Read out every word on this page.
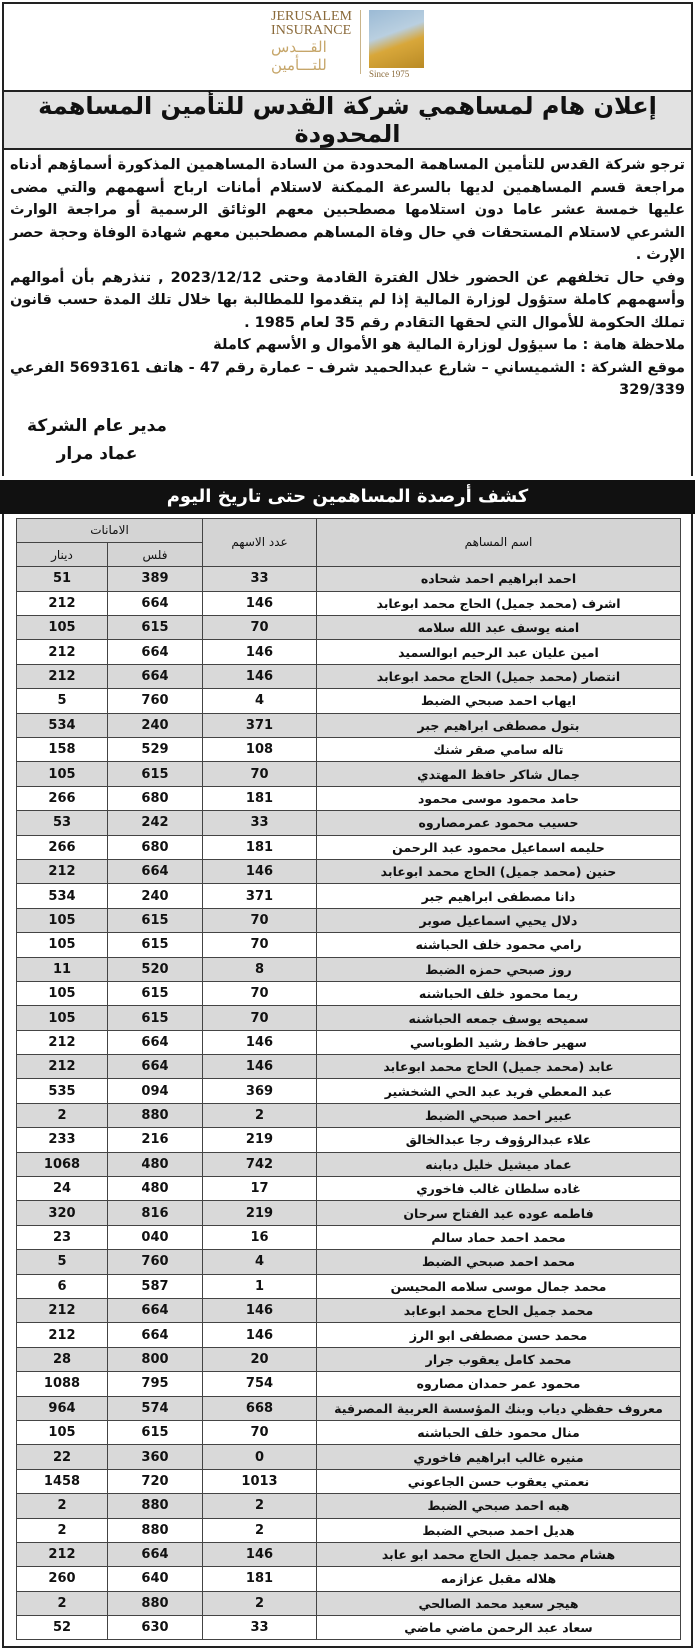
JERUSALEM
INSURANCE
القـــدس
للتـــأمين	Since 1975
إعلان هام لمساهمي شركة القدس للتأمين المساهمة المحدودة

ترجو شركة القدس للتأمين المساهمة المحدودة من السادة المساهمين المذكورة أسماؤهم أدناه مراجعة قسم المساهمين لديها بالسرعة الممكنة لاستلام أمانات ارباح أسهمهم والتي مضى عليها خمسة عشر عاما دون استلامها مصطحبين معهم الوثائق الرسمية أو مراجعة الوارث الشرعي لاستلام المستحقات في حال وفاة المساهم مصطحبين معهم شهادة الوفاة وحجة حصر الإرث .

وفي حال تخلفهم عن الحضور خلال الفترة القادمة وحتى 2023/12/12 , تنذرهم بأن أموالهم وأسهمهم كاملة ستؤول لوزارة المالية إذا لم يتقدموا للمطالبة بها خلال تلك المدة حسب قانون تملك الحكومة للأموال التي لحقها التقادم رقم 35 لعام 1985 .

ملاحظة هامة : ما سيؤول لوزارة المالية هو الأموال و الأسهم كاملة

موقع الشركة : الشميساني – شارع عبدالحميد شرف – عمارة رقم 47 - هاتف 5693161 الفرعي 329/339

مدير عام الشركة
عماد مرار
كشف أرصدة المساهمين حتى تاريخ اليوم
الامانات		عدد الاسهم	اسم المساهم
دينار	فلس		
51	389	33	احمد ابراهيم احمد شحاده
212	664	146	اشرف (محمد جميل) الحاج محمد ابوعابد
105	615	70	امنه يوسف عبد الله سلامه
212	664	146	امين عليان عبد الرحيم ابوالسميد
212	664	146	انتصار (محمد جميل) الحاج محمد ابوعابد
5	760	4	ايهاب احمد صبحي الضبط
534	240	371	بتول مصطفى ابراهيم جبر
158	529	108	تاله سامي صقر شنك
105	615	70	جمال شاكر حافظ المهتدي
266	680	181	حامد محمود موسى محمود
53	242	33	حسيب محمود عمرمصاروه
266	680	181	حليمه اسماعيل محمود عبد الرحمن
212	664	146	حنين (محمد جميل) الحاج محمد ابوعابد
534	240	371	دانا مصطفى ابراهيم جبر
105	615	70	دلال يحيي اسماعيل صوبر
105	615	70	رامي محمود خلف الحباشنه
11	520	8	روز صبحي حمزه الضبط
105	615	70	ريما محمود خلف الحباشنه
105	615	70	سميحه يوسف جمعه الحباشنه
212	664	146	سهير حافظ رشيد الطوباسي
212	664	146	عابد (محمد جميل) الحاج محمد ابوعابد
535	094	369	عبد المعطي فريد عبد الحي الشخشير
2	880	2	عبير احمد صبحي الضبط
233	216	219	علاء عبدالرؤوف رجا عبدالخالق
1068	480	742	عماد ميشيل خليل دبابنه
24	480	17	غاده سلطان غالب فاخوري
320	816	219	فاطمه عوده عبد الفتاح سرحان
23	040	16	محمد احمد حماد سالم
5	760	4	محمد احمد صبحي الضبط
6	587	1	محمد جمال موسى سلامه المحيسن
212	664	146	محمد جميل الحاج محمد ابوعابد
212	664	146	محمد حسن مصطفى ابو الرز
28	800	20	محمد كامل يعقوب جرار
1088	795	754	محمود عمر حمدان مصاروه
964	574	668	معروف حفظي دياب وبنك المؤسسة العربية المصرفية
105	615	70	منال محمود خلف الحباشنه
22	360	0	منيره غالب ابراهيم فاخوري
1458	720	1013	نعمتي يعقوب حسن الجاعوني
2	880	2	هبه احمد صبحي الضبط
2	880	2	هديل احمد صبحي الضبط
212	664	146	هشام محمد جميل الحاج محمد ابو عابد
260	640	181	هلاله مقبل عزازمه
2	880	2	هيجر سعيد محمد الصالحي
52	630	33	سعاد عبد الرحمن ماضي ماضي
